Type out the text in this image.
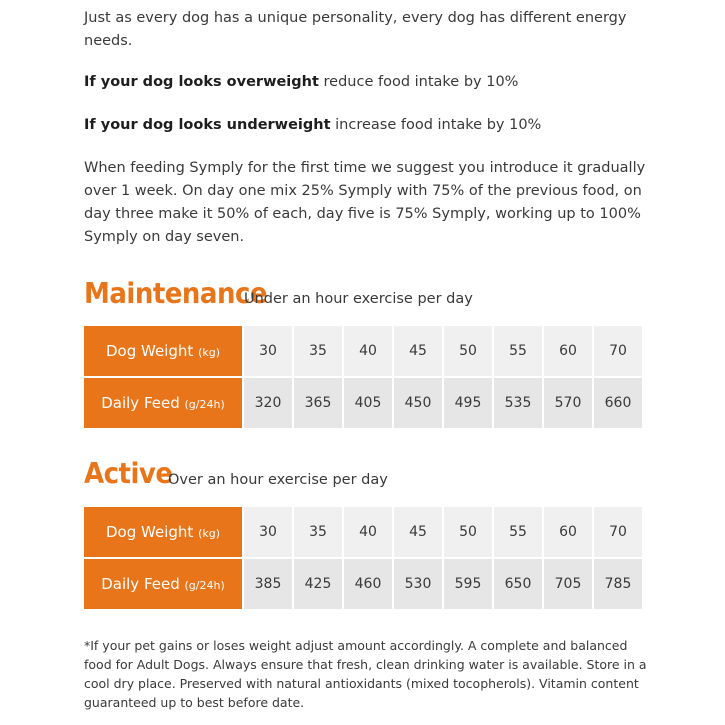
Just as every dog has a unique personality, every dog has different energy needs.

If your dog looks overweight reduce food intake by 10%

If your dog looks underweight increase food intake by 10%

When feeding Symply for the first time we suggest you introduce it gradually over 1 week. On day one mix 25% Symply with 75% of the previous food, on day three make it 50% of each, day five is 75% Symply, working up to 100% Symply on day seven.

Maintenance
Under an hour exercise per day
Dog Weight (kg)	30	35	40	45	50	55	60	70
Daily Feed (g/24h)	320	365	405	450	495	535	570	660
Active
Over an hour exercise per day
Dog Weight (kg)	30	35	40	45	50	55	60	70
Daily Feed (g/24h)	385	425	460	530	595	650	705	785

*If your pet gains or loses weight adjust amount accordingly. A complete and balanced food for Adult Dogs. Always ensure that fresh, clean drinking water is available. Store in a cool dry place. Preserved with natural antioxidants (mixed tocopherols). Vitamin content guaranteed up to best before date.
